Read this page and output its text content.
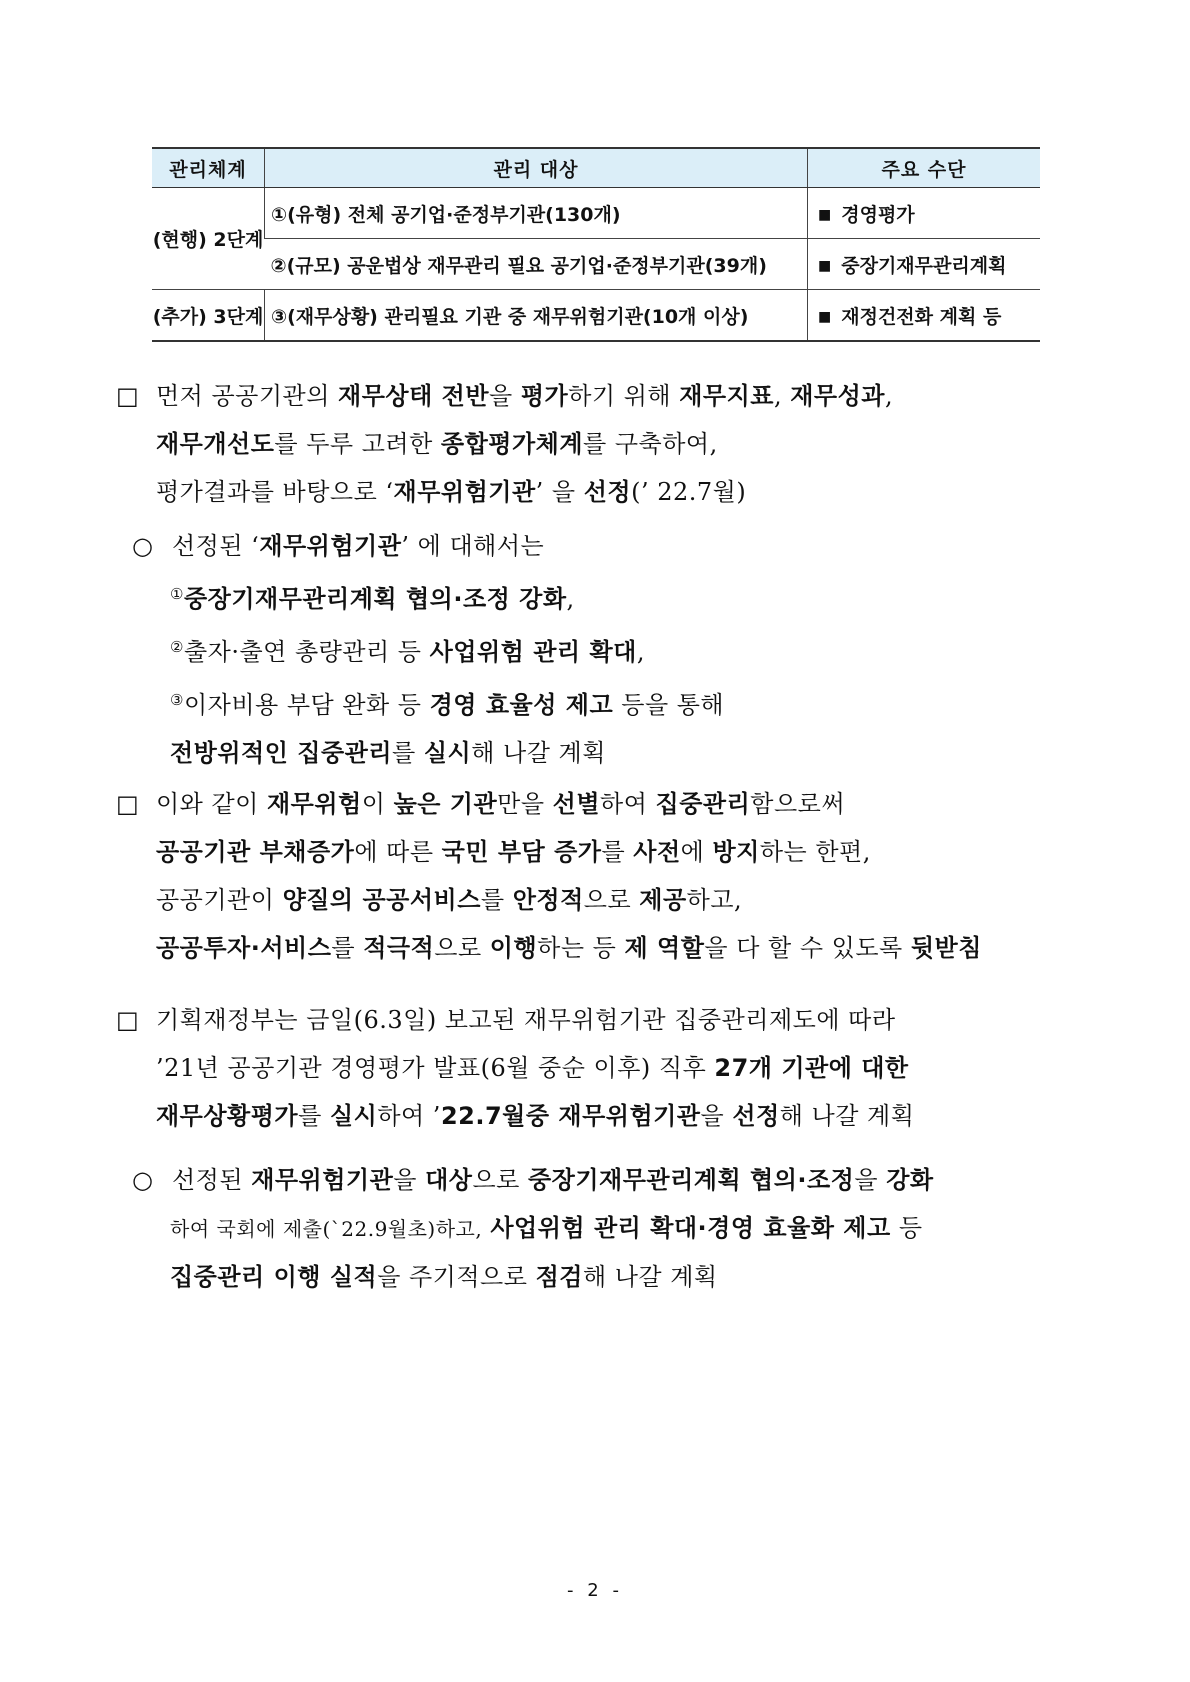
관리체계	관리 대상	주요 수단
(현행) 2단계	①(유형) 전체 공기업·준정부기관(130개)	■ 경영평가
	②(규모) 공운법상 재무관리 필요 공기업·준정부기관(39개)	■ 중장기재무관리계획
(추가) 3단계	③(재무상황) 관리필요 기관 중 재무위험기관(10개 이상)	■ 재정건전화 계획 등
□ 먼저 공공기관의 재무상태 전반을 평가하기 위해 재무지표, 재무성과,
재무개선도를 두루 고려한 종합평가체계를 구축하여,
평가결과를 바탕으로 ‘재무위험기관’ 을 선정(’ 22.7월)
○ 선정된 ‘재무위험기관’ 에 대해서는
①중장기재무관리계획 협의·조정 강화,
②출자·출연 총량관리 등 사업위험 관리 확대,
③이자비용 부담 완화 등 경영 효율성 제고 등을 통해
전방위적인 집중관리를 실시해 나갈 계획
□ 이와 같이 재무위험이 높은 기관만을 선별하여 집중관리함으로써
공공기관 부채증가에 따른 국민 부담 증가를 사전에 방지하는 한편,
공공기관이 양질의 공공서비스를 안정적으로 제공하고,
공공투자·서비스를 적극적으로 이행하는 등 제 역할을 다 할 수 있도록 뒷받침
□ 기획재정부는 금일(6.3일) 보고된 재무위험기관 집중관리제도에 따라
’21년 공공기관 경영평가 발표(6월 중순 이후) 직후 27개 기관에 대한
재무상황평가를 실시하여 ’22.7월중 재무위험기관을 선정해 나갈 계획
○ 선정된 재무위험기관을 대상으로 중장기재무관리계획 협의·조정을 강화
하여 국회에 제출(`22.9월초)하고, 사업위험 관리 확대·경영 효율화 제고 등
집중관리 이행 실적을 주기적으로 점검해 나갈 계획
- 2 -
